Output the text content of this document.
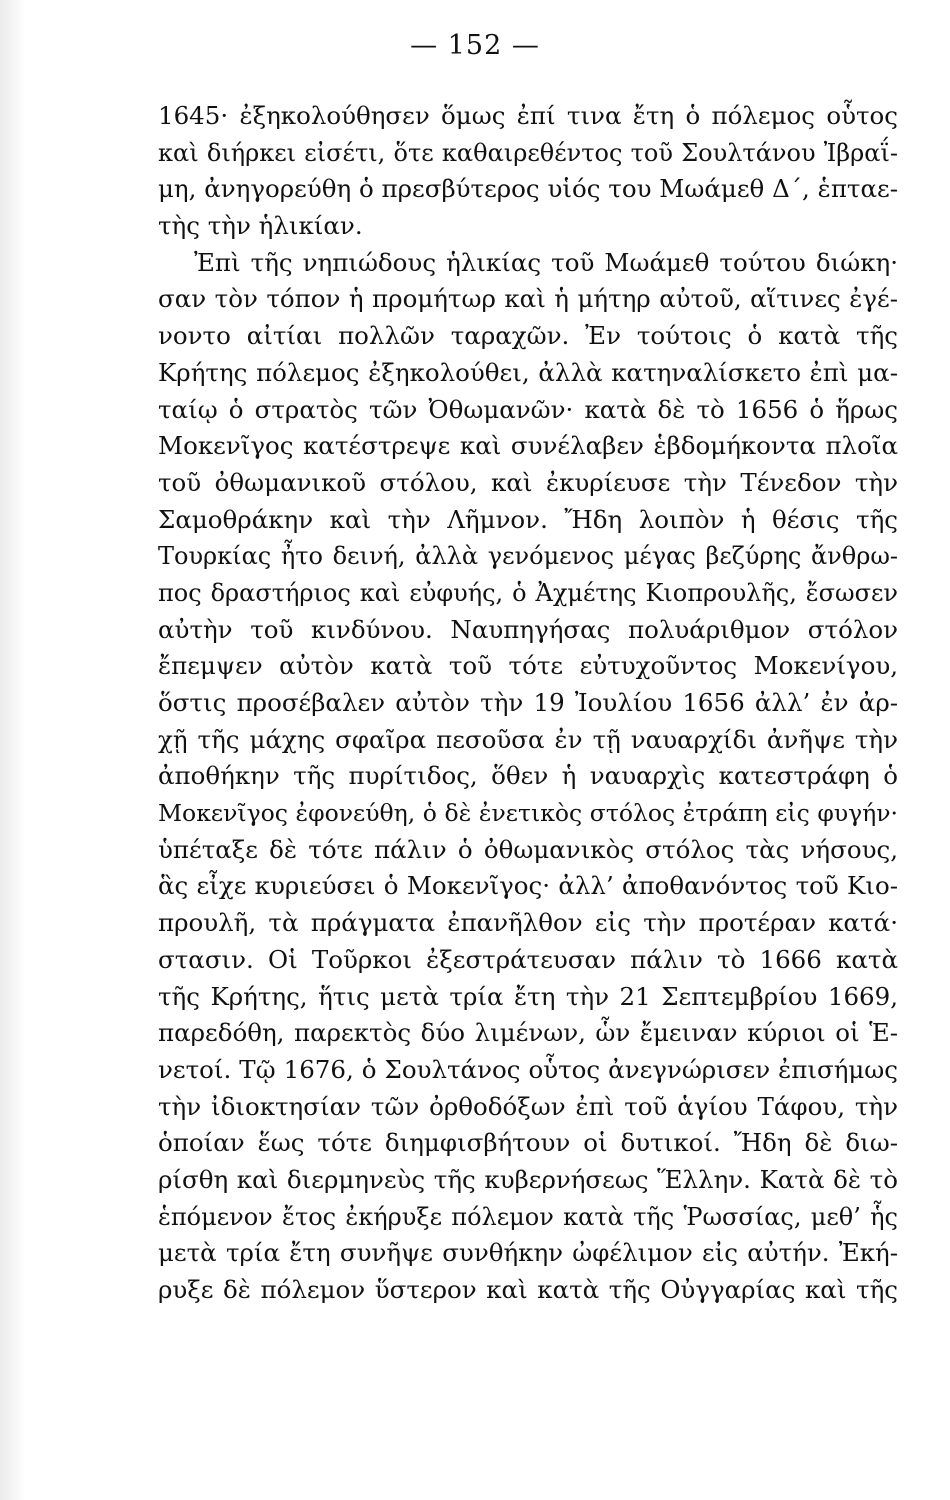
— 152 —
1645· ἐξηκολούθησεν ὅμως ἐπί τινα ἔτη ὁ πόλεμος οὗτος
καὶ διήρκει εἰσέτι, ὅτε καθαιρεθέντος τοῦ Σουλτάνου Ἰβραΐ-
μη, ἀνηγορεύθη ὁ πρεσβύτερος υἱός του Μωάμεθ Δ΄, ἑπταε-
τὴς τὴν ἡλικίαν.
Ἐπὶ τῆς νηπιώδους ἡλικίας τοῦ Μωάμεθ τούτου διώκη·
σαν τὸν τόπον ἡ προμήτωρ καὶ ἡ μήτηρ αὐτοῦ, αἵτινες ἐγέ-
νοντο αἰτίαι πολλῶν ταραχῶν. Ἐν τούτοις ὁ κατὰ τῆς
Κρήτης πόλεμος ἐξηκολούθει, ἀλλὰ κατηναλίσκετο ἐπὶ μα-
ταίῳ ὁ στρατὸς τῶν Ὀθωμανῶν· κατὰ δὲ τὸ 1656 ὁ ἥρως
Μοκενῖγος κατέστρεψε καὶ συνέλαβεν ἑβδομήκοντα πλοῖα
τοῦ ὀθωμανικοῦ στόλου, καὶ ἐκυρίευσε τὴν Τένεδον τὴν
Σαμοθράκην καὶ τὴν Λῆμνον. Ἤδη λοιπὸν ἡ θέσις τῆς
Τουρκίας ἦτο δεινή, ἀλλὰ γενόμενος μέγας βεζύρης ἄνθρω-
πος δραστήριος καὶ εὐφυής, ὁ Ἀχμέτης Κιοπρουλῆς, ἔσωσεν
αὐτὴν τοῦ κινδύνου. Ναυπηγήσας πολυάριθμον στόλον
ἔπεμψεν αὐτὸν κατὰ τοῦ τότε εὐτυχοῦντος Μοκενίγου,
ὅστις προσέβαλεν αὐτὸν τὴν 19 Ἰουλίου 1656 ἀλλ’ ἐν ἀρ-
χῇ τῆς μάχης σφαῖρα πεσοῦσα ἐν τῇ ναυαρχίδι ἀνῆψε τὴν
ἀποθήκην τῆς πυρίτιδος, ὅθεν ἡ ναυαρχὶς κατεστράφη ὁ
Μοκενῖγος ἐφονεύθη, ὁ δὲ ἐνετικὸς στόλος ἐτράπη εἰς φυγήν·
ὑπέταξε δὲ τότε πάλιν ὁ ὀθωμανικὸς στόλος τὰς νήσους,
ἃς εἶχε κυριεύσει ὁ Μοκενῖγος· ἀλλ’ ἀποθανόντος τοῦ Κιο-
προυλῆ, τὰ πράγματα ἐπανῆλθον εἰς τὴν προτέραν κατά·
στασιν. Οἱ Τοῦρκοι ἐξεστράτευσαν πάλιν τὸ 1666 κατὰ
τῆς Κρήτης, ἥτις μετὰ τρία ἔτη τὴν 21 Σεπτεμβρίου 1669,
παρεδόθη, παρεκτὸς δύο λιμένων, ὧν ἔμειναν κύριοι οἱ Ἑ-
νετοί. Τῷ 1676, ὁ Σουλτάνος οὗτος ἀνεγνώρισεν ἐπισήμως
τὴν ἰδιοκτησίαν τῶν ὀρθοδόξων ἐπὶ τοῦ ἁγίου Τάφου, τὴν
ὁποίαν ἕως τότε διημφισβήτουν οἱ δυτικοί. Ἤδη δὲ διω-
ρίσθη καὶ διερμηνεὺς τῆς κυβερνήσεως Ἕλλην. Κατὰ δὲ τὸ
ἑπόμενον ἔτος ἐκήρυξε πόλεμον κατὰ τῆς Ῥωσσίας, μεθ’ ἧς
μετὰ τρία ἔτη συνῆψε συνθήκην ὠφέλιμον εἰς αὐτήν. Ἐκή-
ρυξε δὲ πόλεμον ὕστερον καὶ κατὰ τῆς Οὐγγαρίας καὶ τῆς
